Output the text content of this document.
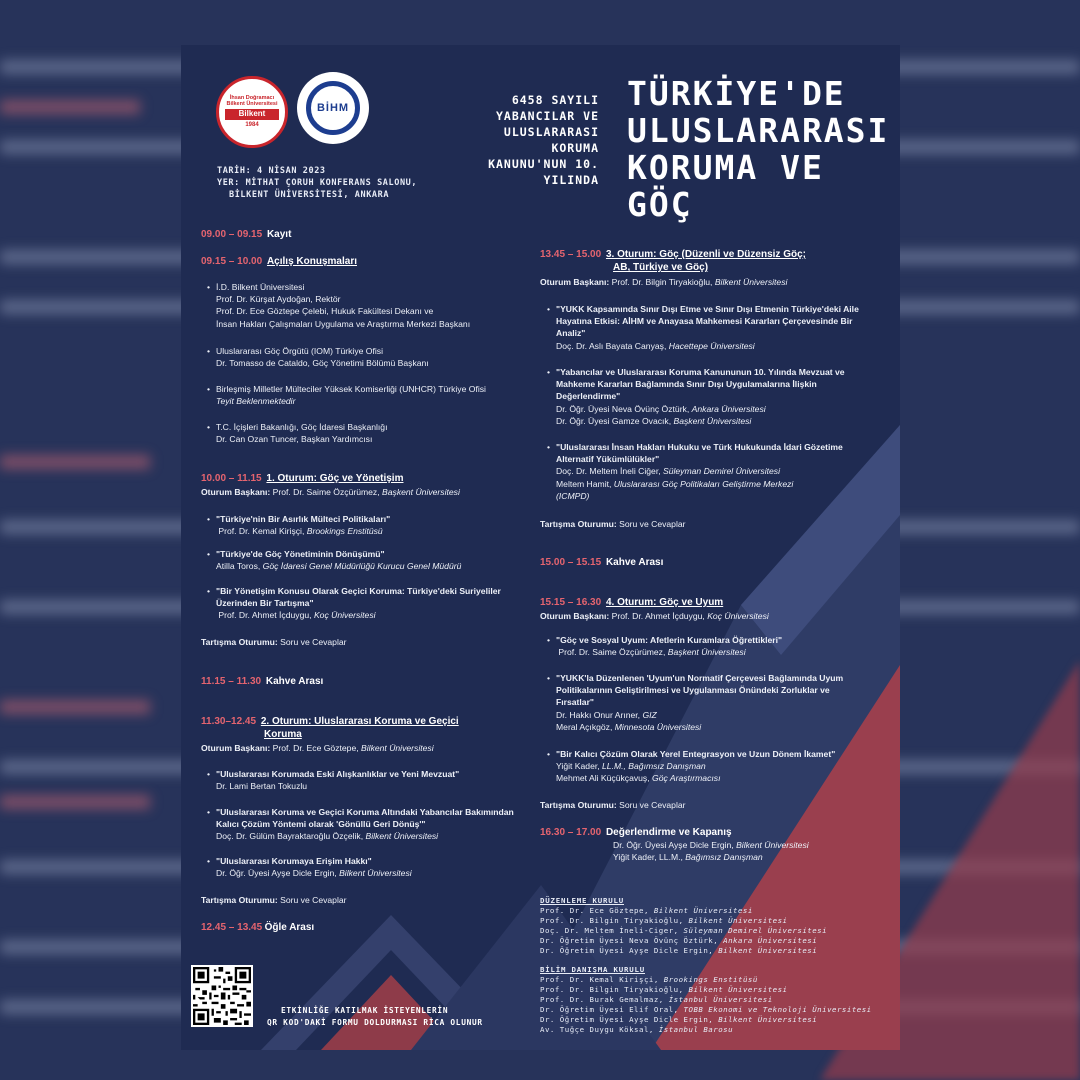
İhsan Doğramacı Bilkent Üniversitesi
Bilkent
1984
BİHM
TARİH: 4 NİSAN 2023
YER: MİTHAT ÇORUH KONFERANS SALONU,
BİLKENT ÜNİVERSİTESİ, ANKARA
6458 SAYILI
YABANCILAR VE
ULUSLARARASI
KORUMA
KANUNU'NUN 10.
YILINDA
TÜRKİYE'DE
ULUSLARARASI
KORUMA VE
GÖÇ
09.00 – 09.15 Kayıt
09.15 – 10.00 Açılış Konuşmaları
• İ.D. Bilkent Üniversitesi
Prof. Dr. Kürşat Aydoğan, Rektör
Prof. Dr. Ece Göztepe Çelebi, Hukuk Fakültesi Dekanı ve
İnsan Hakları Çalışmaları Uygulama ve Araştırma Merkezi Başkanı
• Uluslararası Göç Örgütü (IOM) Türkiye Ofisi
Dr. Tomasso de Cataldo, Göç Yönetimi Bölümü Başkanı
• Birleşmiş Milletler Mülteciler Yüksek Komiserliği (UNHCR) Türkiye Ofisi
Teyit Beklenmektedir
• T.C. İçişleri Bakanlığı, Göç İdaresi Başkanlığı
Dr. Can Ozan Tuncer, Başkan Yardımcısı
10.00 – 11.15 1. Oturum: Göç ve Yönetişim
Oturum Başkanı: Prof. Dr. Saime Özçürümez, Başkent Üniversitesi
• "Türkiye'nin Bir Asırlık Mülteci Politikaları"
Prof. Dr. Kemal Kirişçi, Brookings Enstitüsü
• "Türkiye'de Göç Yönetiminin Dönüşümü"
Atilla Toros, Göç İdaresi Genel Müdürlüğü Kurucu Genel Müdürü
• "Bir Yönetişim Konusu Olarak Geçici Koruma: Türkiye'deki Suriyeliler
Üzerinden Bir Tartışma"
Prof. Dr. Ahmet İçduygu, Koç Üniversitesi
Tartışma Oturumu: Soru ve Cevaplar
11.15 – 11.30 Kahve Arası
11.30–12.45 2. Oturum: Uluslararası Koruma ve Geçici
Koruma
Oturum Başkanı: Prof. Dr. Ece Göztepe, Bilkent Üniversitesi
• "Uluslararası Korumada Eski Alışkanlıklar ve Yeni Mevzuat"
Dr. Lami Bertan Tokuzlu
• "Uluslararası Koruma ve Geçici Koruma Altındaki Yabancılar Bakımından
Kalıcı Çözüm Yöntemi olarak 'Gönüllü Geri Dönüş'"
Doç. Dr. Gülüm Bayraktaroğlu Özçelik, Bilkent Üniversitesi
• "Uluslararası Korumaya Erişim Hakkı"
Dr. Öğr. Üyesi Ayşe Dicle Ergin, Bilkent Üniversitesi
Tartışma Oturumu: Soru ve Cevaplar
12.45 – 13.45 Öğle Arası
13.45 – 15.00 3. Oturum: Göç (Düzenli ve Düzensiz Göç;
AB, Türkiye ve Göç)
Oturum Başkanı: Prof. Dr. Bilgin Tiryakioğlu, Bilkent Üniversitesi
• "YUKK Kapsamında Sınır Dışı Etme ve Sınır Dışı Etmenin Türkiye'deki Aile
Hayatına Etkisi: AİHM ve Anayasa Mahkemesi Kararları Çerçevesinde Bir
Analiz"
Doç. Dr. Aslı Bayata Canyaş, Hacettepe Üniversitesi
• "Yabancılar ve Uluslararası Koruma Kanununun 10. Yılında Mevzuat ve
Mahkeme Kararları Bağlamında Sınır Dışı Uygulamalarına İlişkin
Değerlendirme"
Dr. Öğr. Üyesi Neva Övünç Öztürk, Ankara Üniversitesi
Dr. Öğr. Üyesi Gamze Ovacık, Başkent Üniversitesi
• "Uluslararası İnsan Hakları Hukuku ve Türk Hukukunda İdari Gözetime
Alternatif Yükümlülükler"
Doç. Dr. Meltem İneli Ciğer, Süleyman Demirel Üniversitesi
Meltem Hamit, Uluslararası Göç Politikaları Geliştirme Merkezi
(ICMPD)
Tartışma Oturumu: Soru ve Cevaplar
15.00 – 15.15 Kahve Arası
15.15 – 16.30 4. Oturum: Göç ve Uyum
Oturum Başkanı: Prof. Dr. Ahmet İçduygu, Koç Üniversitesi
• "Göç ve Sosyal Uyum: Afetlerin Kuramlara Öğrettikleri"
Prof. Dr. Saime Özçürümez, Başkent Üniversitesi
• "YUKK'la Düzenlenen 'Uyum'un Normatif Çerçevesi Bağlamında Uyum
Politikalarının Geliştirilmesi ve Uygulanması Önündeki Zorluklar ve
Fırsatlar"
Dr. Hakkı Onur Arıner, GIZ
Meral Açıkgöz, Minnesota Üniversitesi
• "Bir Kalıcı Çözüm Olarak Yerel Entegrasyon ve Uzun Dönem İkamet"
Yiğit Kader, LL.M., Bağımsız Danışman
Mehmet Ali Küçükçavuş, Göç Araştırmacısı
Tartışma Oturumu: Soru ve Cevaplar
16.30 – 17.00 Değerlendirme ve Kapanış
Dr. Öğr. Üyesi Ayşe Dicle Ergin, Bilkent Üniversitesi
Yiğit Kader, LL.M., Bağımsız Danışman
DÜZENLEME KURULU
Prof. Dr. Ece Göztepe, Bilkent Üniversitesi
Prof. Dr. Bilgin Tiryakioğlu, Bilkent Üniversitesi
Doç. Dr. Meltem İneli-Ciger, Süleyman Demirel Üniversitesi
Dr. Öğretim Üyesi Neva Övünç Öztürk, Ankara Üniversitesi
Dr. Öğretim Üyesi Ayşe Dicle Ergin, Bilkent Üniversitesi
BİLİM DANIŞMA KURULU
Prof. Dr. Kemal Kirişçi, Brookings Enstitüsü
Prof. Dr. Bilgin Tiryakioğlu, Bilkent Üniversitesi
Prof. Dr. Burak Gemalmaz, İstanbul Üniversitesi
Dr. Öğretim Üyesi Elif Oral, TOBB Ekonomi ve Teknoloji Üniversitesi
Dr. Öğretim Üyesi Ayşe Dicle Ergin, Bilkent Üniversitesi
Av. Tuğçe Duygu Köksal, İstanbul Barosu
ETKİNLİĞE KATILMAK İSTEYENLERİN
QR KOD'DAKİ FORMU DOLDURMASI RİCA OLUNUR
